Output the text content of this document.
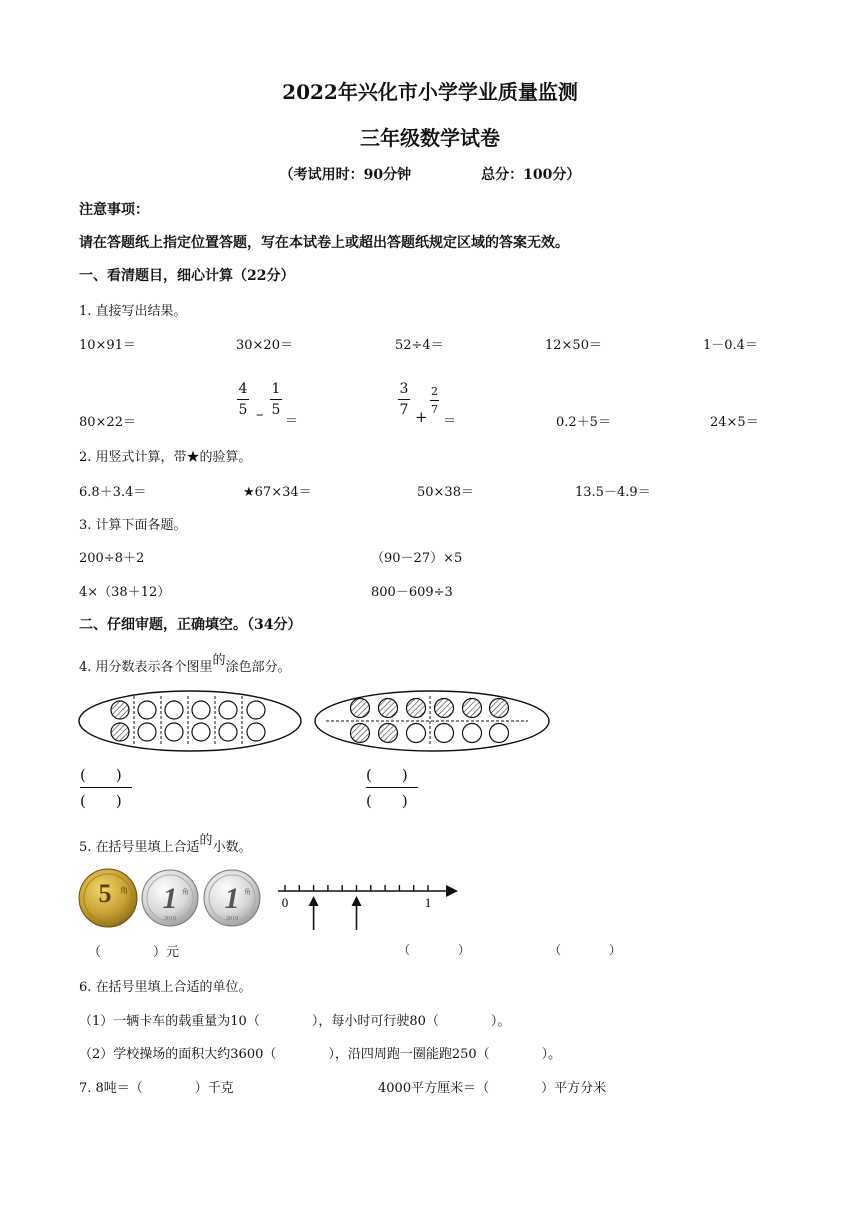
2022年兴化市小学学业质量监测
三年级数学试卷
（考试用时：90分钟　　　　　总分：100分）
注意事项：
请在答题纸上指定位置答题，写在本试卷上或超出答题纸规定区域的答案无效。
一、看清题目，细心计算（22分）
1. 直接写出结果。
10×91＝	30×20＝	52÷4＝	12×50＝	1－0.4＝
80×22＝
4
5 –
1
5
＝
3
7 +
2
7
＝	0.2＋5＝	24×5＝
2. 用竖式计算，带★的验算。
6.8＋3.4＝	★67×34＝	50×38＝	13.5－4.9＝
3. 计算下面各题。
200÷8＋2	（90－27）×5
4×（38＋12）	800－609÷3
二、仔细审题，正确填空。（34分）
4. 用分数表示各个图里的涂色部分。
(　　)
(　　)
(　　)
(　　)
5. 在括号里填上合适的小数。
5 角 1 角
2019
1 角
2019
0	1
（　　　　）元	（　　　　）	（　　　　）
6. 在括号里填上合适的单位。
（1）一辆卡车的载重量为10（　　　　），每小时可行驶80（　　　　）。
（2）学校操场的面积大约3600（　　　　），沿四周跑一圈能跑250（　　　　）。
7. 8吨＝（　　　　）千克	4000平方厘米＝（　　　　）平方分米
